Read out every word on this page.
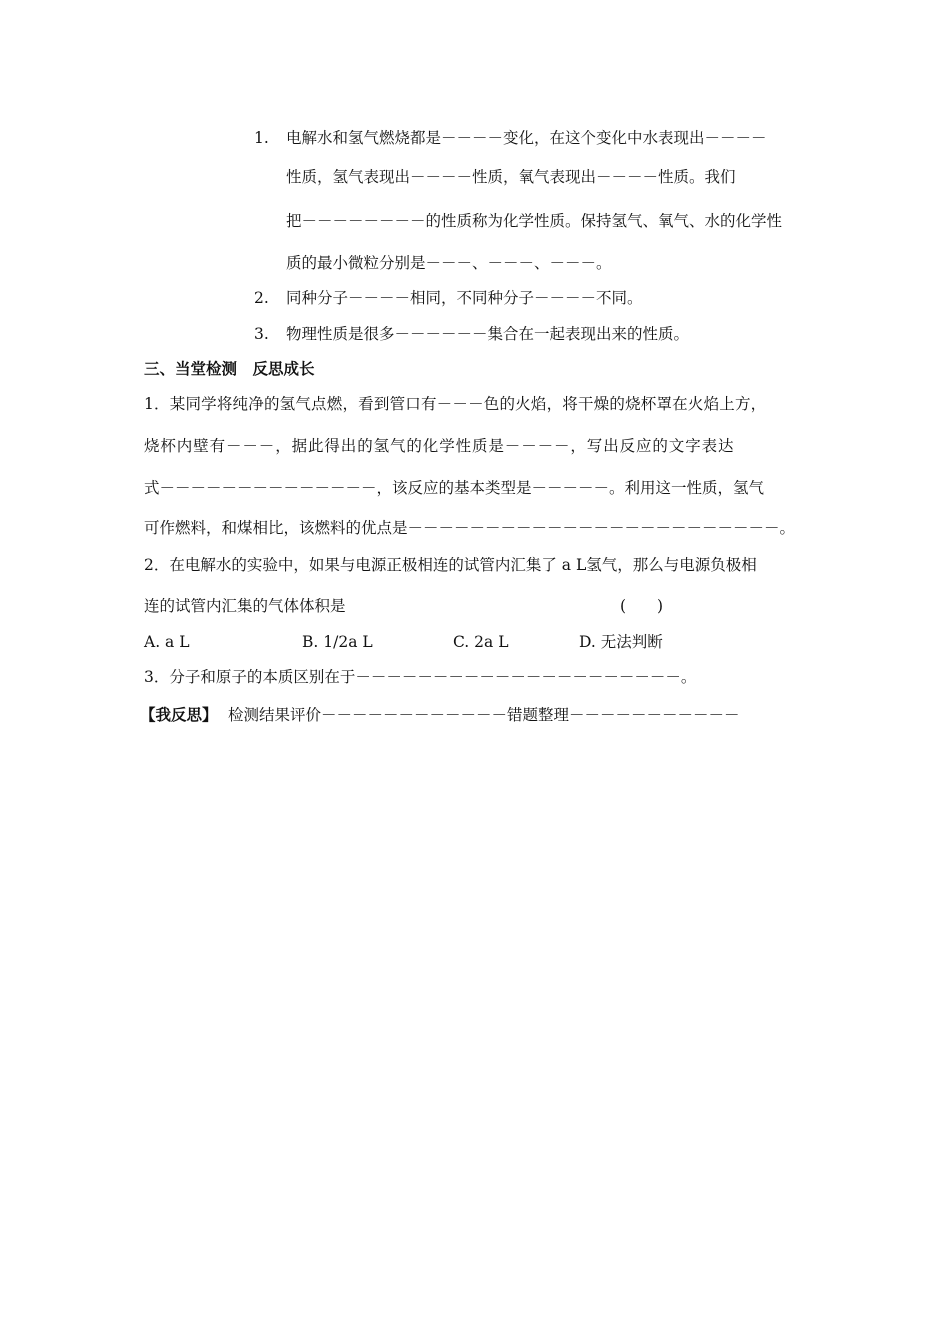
1. 电解水和氢气燃烧都是－－－－变化，在这个变化中水表现出－－－－
性质，氢气表现出－－－－性质，氧气表现出－－－－性质。我们
把－－－－－－－－的性质称为化学性质。保持氢气、氧气、水的化学性
质的最小微粒分别是－－－、－－－、－－－。
2. 同种分子－－－－相同，不同种分子－－－－不同。
3. 物理性质是很多－－－－－－集合在一起表现出来的性质。
三、当堂检测　反思成长
1．某同学将纯净的氢气点燃，看到管口有－－－色的火焰，将干燥的烧杯罩在火焰上方，
烧杯内壁有－－－，据此得出的氢气的化学性质是－－－－，写出反应的文字表达
式－－－－－－－－－－－－－－，该反应的基本类型是－－－－－。利用这一性质，氢气
可作燃料，和煤相比，该燃料的优点是－－－－－－－－－－－－－－－－－－－－－－－－。
2．在电解水的实验中，如果与电源正极相连的试管内汇集了 a L氢气，那么与电源负极相
连的试管内汇集的气体体积是	(　　)
A. a L	B. 1/2a L	C. 2a L	D. 无法判断
3．分子和原子的本质区别在于－－－－－－－－－－－－－－－－－－－－－。
【我反思】 检测结果评价－－－－－－－－－－－－错题整理－－－－－－－－－－－
